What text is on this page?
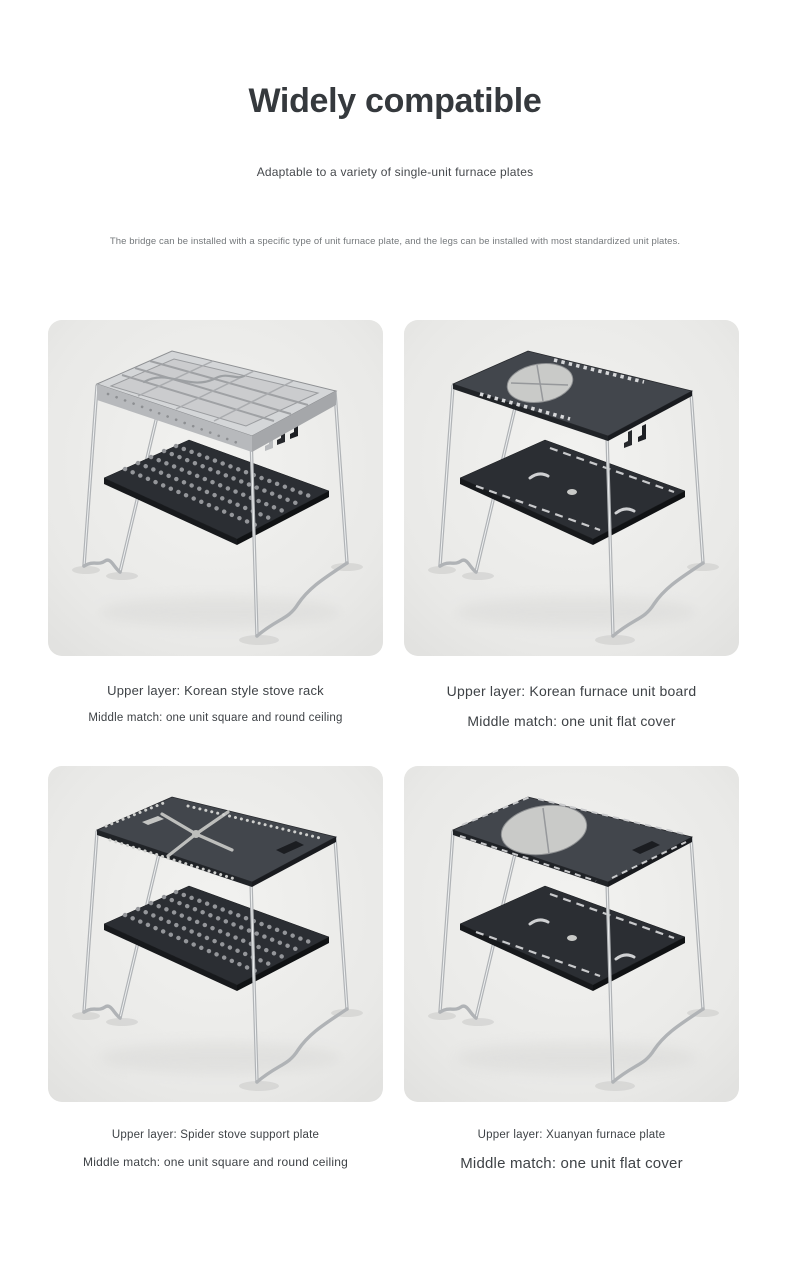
Widely compatible

Adaptable to a variety of single-unit furnace plates

The bridge can be installed with a specific type of unit furnace plate, and the legs can be installed with most standardized unit plates.

Upper layer: Korean style stove rack

Middle match: one unit square and round ceiling

Upper layer: Korean furnace unit board

Middle match: one unit flat cover

Upper layer: Spider stove support plate

Middle match: one unit square and round ceiling

Upper layer: Xuanyan furnace plate

Middle match: one unit flat cover
